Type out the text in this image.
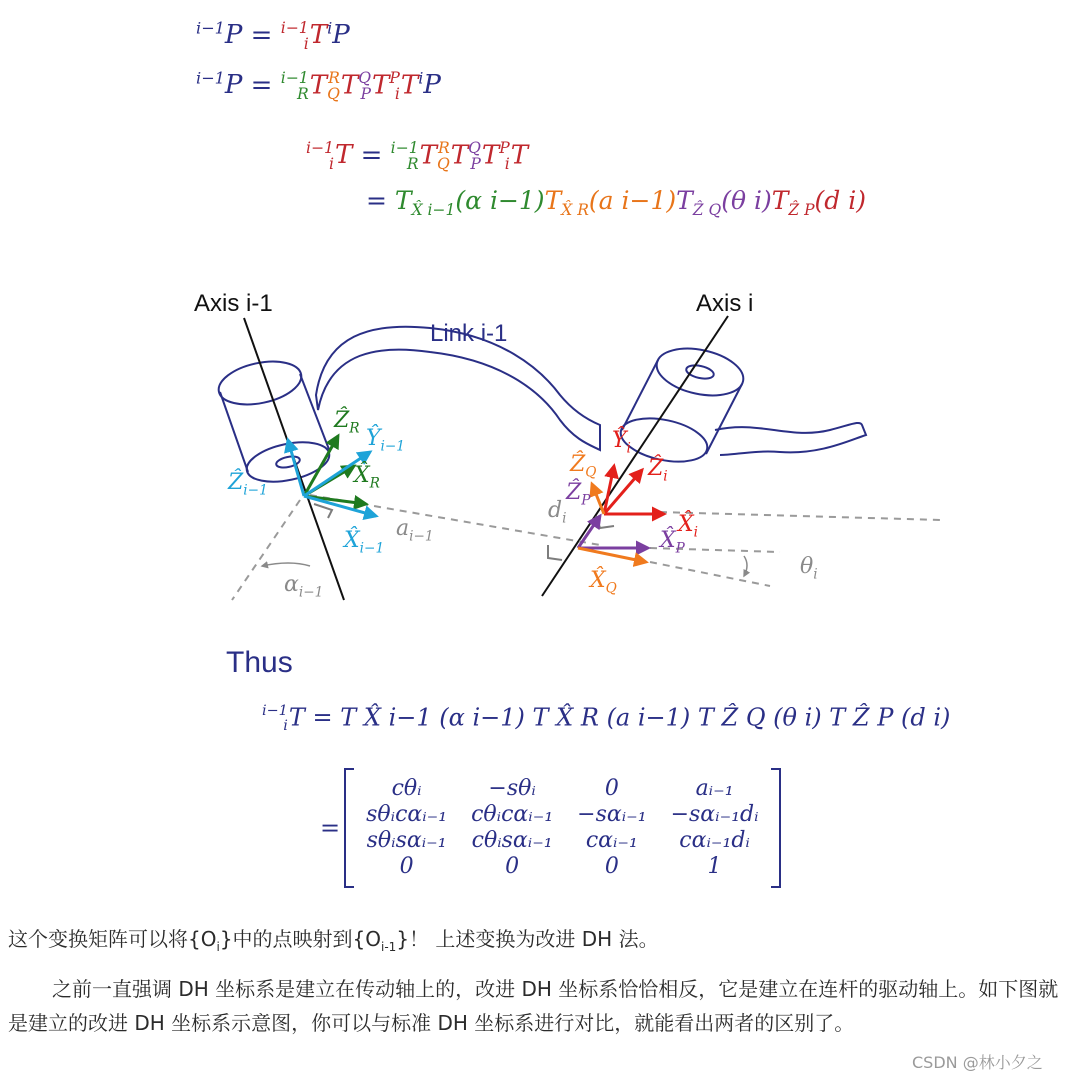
$^{i-1}$P = i−1
i $T^iP$
$^{i-1}$P = i−1
R T R
Q T Q
P T P
i $T^iP$
i−1
i T = i−1
R T R
Q T Q
P T P
i T
= $T_{X̂ i-1}(\alpha$ $i-1)T_{X̂ R}(a$ $i-1)T_{Ẑ Q}(\theta$ $i)T_{Ẑ P}(d$ i)
Axis i-1	Axis i
Link i-1
Ẑ$_R$ $Ŷ_{i-1}$
$X̂_R$
Ẑ$_{i-1}$
$X̂_{i-1}$
$a_{i-1}$
$\alpha_{i-1}$
$Ŷ_i$
Ẑ$_i$
Ẑ$_Q$
Ẑ$_P$
$d_i$	$X̂_i$
$X̂_P$
$X̂_Q$
$\theta_i$
Thus
i−1
i T = T X̂ i−1 (α i−1) T X̂ R (a i−1) T Ẑ Q (θ i) T Ẑ P (d i)
=
cθᵢ	−sθᵢ	0	aᵢ₋₁
sθᵢcαᵢ₋₁	cθᵢcαᵢ₋₁	−sαᵢ₋₁	−sαᵢ₋₁dᵢ
sθᵢsαᵢ₋₁	cθᵢsαᵢ₋₁	cαᵢ₋₁	cαᵢ₋₁dᵢ
0	0	0	1
这个变换矩阵可以将$\{O_i\}$中的点映射到$\{O_{i-1}\}$！ 上述变换为改进 DH 法。
之前一直强调 DH 坐标系是建立在传动轴上的，改进 DH 坐标系恰恰相反，它是建立在连杆的驱动轴上。如下图就是建立的改进 DH 坐标系示意图，你可以与标准 DH 坐标系进行对比，就能看出两者的区别了。
CSDN @林小夕之
